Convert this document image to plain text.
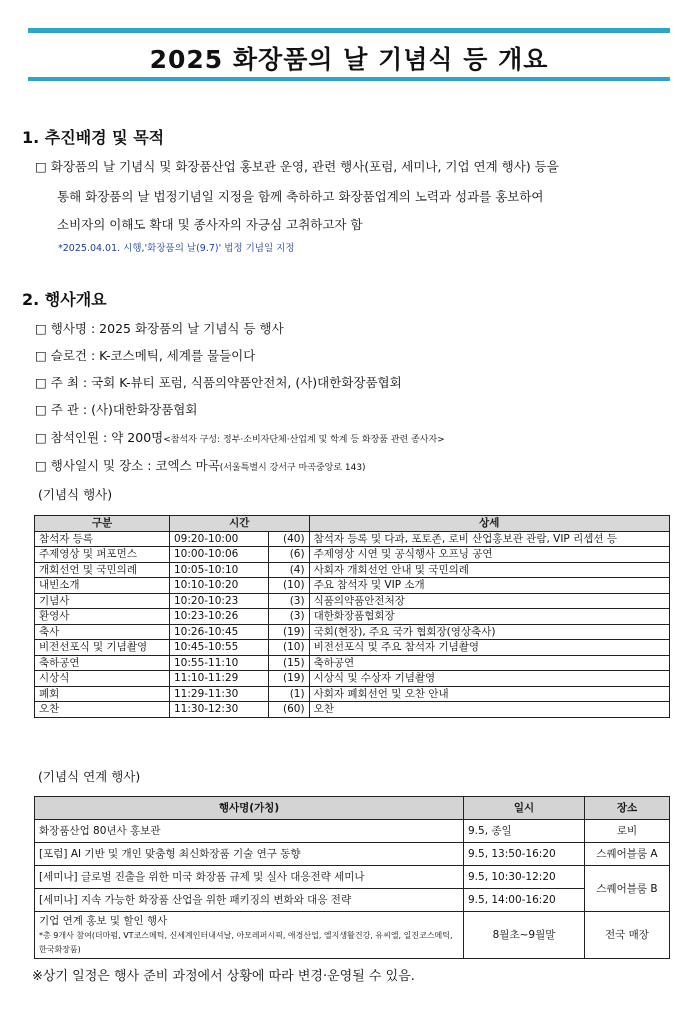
2025 화장품의 날 기념식 등 개요
1. 추진배경 및 목적
□ 화장품의 날 기념식 및 화장품산업 홍보관 운영, 관련 행사(포럼, 세미나, 기업 연계 행사) 등을
통해 화장품의 날 법정기념일 지정을 함께 축하하고 화장품업계의 노력과 성과를 홍보하여
소비자의 이해도 확대 및 종사자의 자긍심 고취하고자 함
*2025.04.01. 시행,'화장품의 날(9.7)' 법정 기념일 지정
2. 행사개요
□ 행사명 : 2025 화장품의 날 기념식 등 행사
□ 슬로건 : K-코스메틱, 세계를 물들이다
□ 주 최 : 국회 K-뷰티 포럼, 식품의약품안전처, (사)대한화장품협회
□ 주 관 : (사)대한화장품협회
□ 참석인원 : 약 200명<참석자 구성: 정부·소비자단체·산업계 및 학계 등 화장품 관련 종사자>
□ 행사일시 및 장소 : 코엑스 마곡(서울특별시 강서구 마곡중앙로 143)
(기념식 행사)
구분	시간		상세
참석자 등록	09:20-10:00	(40)	참석자 등록 및 다과, 포토존, 로비 산업홍보관 관람, VIP 리셉션 등
주제영상 및 퍼포먼스	10:00-10:06	(6)	주제영상 시연 및 공식행사 오프닝 공연
개회선언 및 국민의례	10:05-10:10	(4)	사회자 개회선언 안내 및 국민의례
내빈소개	10:10-10:20	(10)	주요 참석자 및 VIP 소개
기념사	10:20-10:23	(3)	식품의약품안전처장
환영사	10:23-10:26	(3)	대한화장품협회장
축사	10:26-10:45	(19)	국회(현장), 주요 국가 협회장(영상축사)
비전선포식 및 기념촬영	10:45-10:55	(10)	비전선포식 및 주요 참석자 기념촬영
축하공연	10:55-11:10	(15)	축하공연
시상식	11:10-11:29	(19)	시상식 및 수상자 기념촬영
폐회	11:29-11:30	(1)	사회자 폐회선언 및 오찬 안내
오찬	11:30-12:30	(60)	오찬
(기념식 연계 행사)
행사명(가칭)	일시	장소
화장품산업 80년사 홍보관	9.5, 종일	로비
[포럼] AI 기반 및 개인 맞춤형 최신화장품 기술 연구 동향	9.5, 13:50-16:20	스퀘어블룸 A
[세미나] 글로벌 진출을 위한 미국 화장품 규제 및 실사 대응전략 세미나	9.5, 10:30-12:20	스퀘어블룸 B
[세미나] 지속 가능한 화장품 산업을 위한 패키징의 변화와 대응 전략	9.5, 14:00-16:20	

기업 연계 홍보 및 할인 행사
*총 9개사 참여(더마펌, VT코스메틱, 신세계인터내셔날, 아모레퍼시픽, 애경산업, 엘지생활건강, 유씨엘, 일진코스메틱, 한국화장품)	8월초~9월말	전국 매장
※상기 일정은 행사 준비 과정에서 상황에 따라 변경·운영될 수 있음.
